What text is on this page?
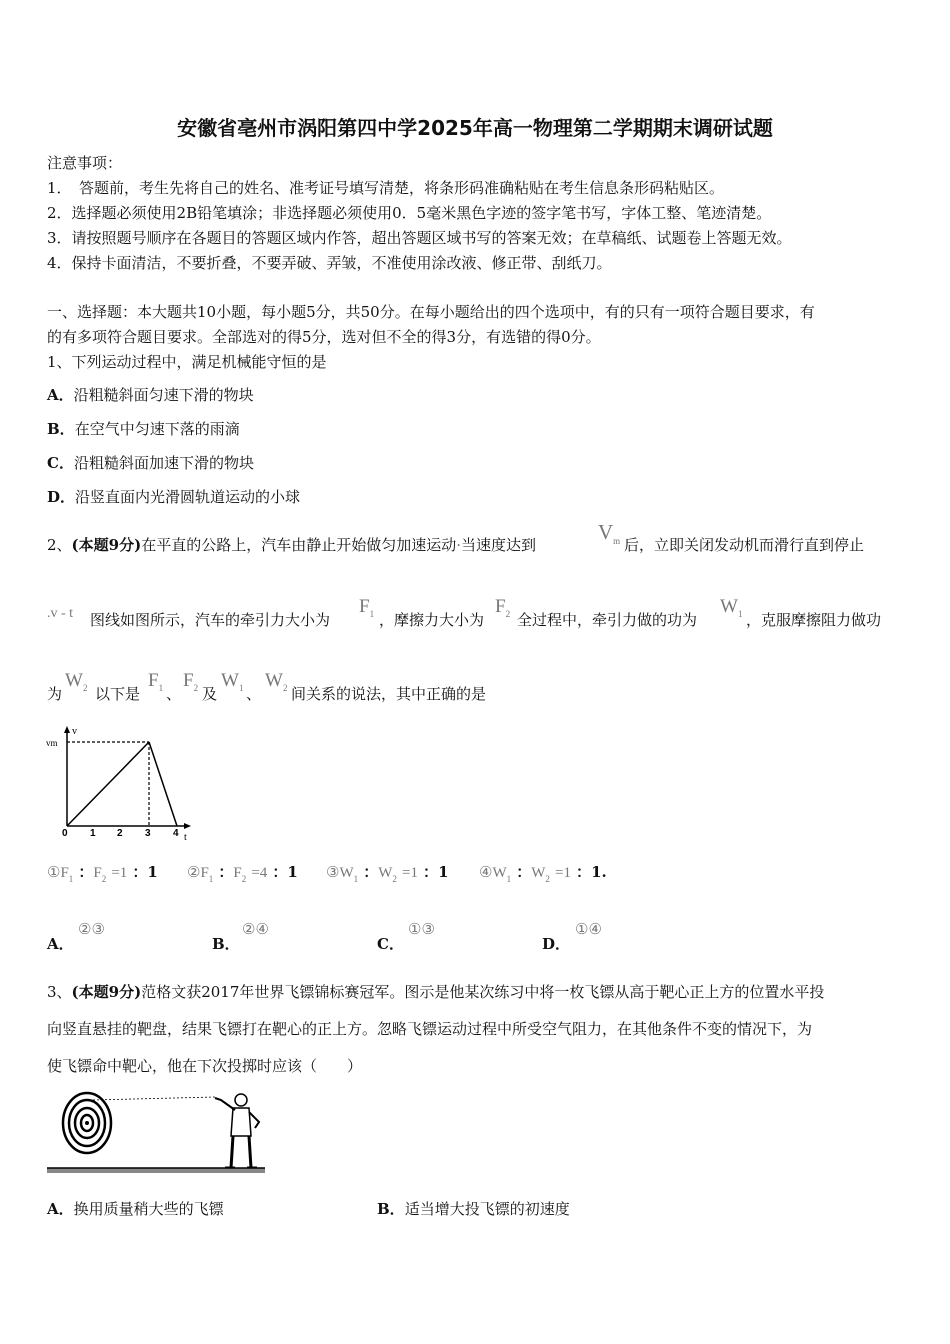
安徽省亳州市涡阳第四中学2025年高一物理第二学期期末调研试题
注意事项：
1．　答题前，考生先将自己的姓名、准考证号填写清楚，将条形码准确粘贴在考生信息条形码粘贴区。
2．选择题必须使用2B铅笔填涂；非选择题必须使用0．5毫米黑色字迹的签字笔书写，字体工整、笔迹清楚。
3．请按照题号顺序在各题目的答题区域内作答，超出答题区域书写的答案无效；在草稿纸、试题卷上答题无效。
4．保持卡面清洁，不要折叠，不要弄破、弄皱，不准使用涂改液、修正带、刮纸刀。
一、选择题：本大题共10小题，每小题5分，共50分。在每小题给出的四个选项中，有的只有一项符合题目要求，有
的有多项符合题目要求。全部选对的得5分，选对但不全的得3分，有选错的得0分。
1、下列运动过程中，满足机械能守恒的是
A．沿粗糙斜面匀速下滑的物块
B．在空气中匀速下落的雨滴
C．沿粗糙斜面加速下滑的物块
D．沿竖直面内光滑圆轨道运动的小球
2、(本题9分)在平直的公路上，汽车由静止开始做匀加速运动·当速度达到
$V_m$ 后，立即关闭发动机而滑行直到停止
.v - t 图线如图所示，汽车的牵引力大小为
$F_1$ ，摩擦力大小为
$F_2$ 全过程中，牵引力做的功为
$W_1$ ，克服摩擦阻力做功
为
$W_2$ 以下是
$F_1$ 、
$F_2$ 及
$W_1$ 、
$W_2$ 间关系的说法，其中正确的是
v
vm
t
0 1 2 3 4
$①F_1$ ：$F_2 =1$ ：1 $②F_1$ ：$F_2 =4$ ：1 $③W_1$ ：$W_2 =1$ ：1 $④W_1$ ：$W_2 =1$ ：1.
A．
②③
B．
②④
C．
①③
D．
①④
3、(本题9分)范格文获2017年世界飞镖锦标赛冠军。图示是他某次练习中将一枚飞镖从高于靶心正上方的位置水平投
向竖直悬挂的靶盘，结果飞镖打在靶心的正上方。忽略飞镖运动过程中所受空气阻力，在其他条件不变的情况下，为
使飞镖命中靶心，他在下次投掷时应该（　　）
A．换用质量稍大些的飞镖	B．适当增大投飞镖的初速度
